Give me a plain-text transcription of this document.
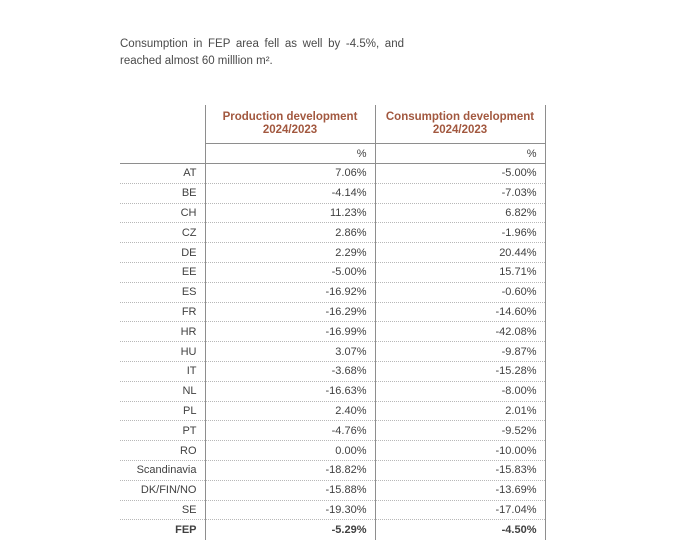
Consumption in FEP area fell as well by -4.5%, and
reached almost 60 milllion m².
	Production development 2024/2023	Consumption development 2024/2023
	%	%
AT	7.06%	-5.00%
BE	-4.14%	-7.03%
CH	11.23%	6.82%
CZ	2.86%	-1.96%
DE	2.29%	20.44%
EE	-5.00%	15.71%
ES	-16.92%	-0.60%
FR	-16.29%	-14.60%
HR	-16.99%	-42.08%
HU	3.07%	-9.87%
IT	-3.68%	-15.28%
NL	-16.63%	-8.00%
PL	2.40%	2.01%
PT	-4.76%	-9.52%
RO	0.00%	-10.00%
Scandinavia	-18.82%	-15.83%
DK/FIN/NO	-15.88%	-13.69%
SE	-19.30%	-17.04%
FEP	-5.29%	-4.50%
